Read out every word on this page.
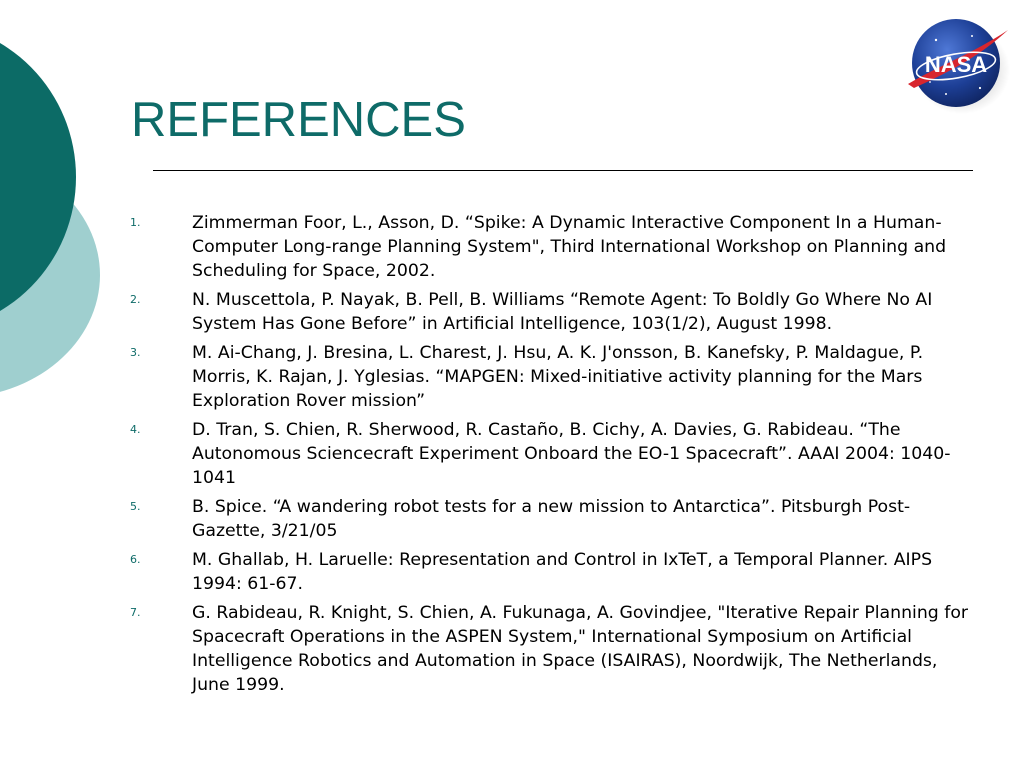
REFERENCES
NASA
1.	Zimmerman Foor, L., Asson, D. “Spike: A Dynamic Interactive Component In a Human-Computer Long-range Planning System", Third International Workshop on Planning and Scheduling for Space, 2002.
2.	N. Muscettola, P. Nayak, B. Pell, B. Williams “Remote Agent: To Boldly Go Where No AI System Has Gone Before” in Artificial Intelligence, 103(1/2), August 1998.
3.	M. Ai-Chang, J. Bresina, L. Charest, J. Hsu, A. K. J'onsson, B. Kanefsky, P. Maldague, P. Morris, K. Rajan, J. Yglesias. “MAPGEN: Mixed-initiative activity planning for the Mars Exploration Rover mission”
4.	D. Tran, S. Chien, R. Sherwood, R. Castaño, B. Cichy, A. Davies, G. Rabideau. “The Autonomous Sciencecraft Experiment Onboard the EO-1 Spacecraft”. AAAI 2004: 1040-1041
5.	B. Spice. “A wandering robot tests for a new mission to Antarctica”. Pitsburgh Post-Gazette, 3/21/05
6.	M. Ghallab, H. Laruelle: Representation and Control in IxTeT, a Temporal Planner. AIPS 1994: 61-67.
7.	G. Rabideau, R. Knight, S. Chien, A. Fukunaga, A. Govindjee, "Iterative Repair Planning for Spacecraft Operations in the ASPEN System," International Symposium on Artificial Intelligence Robotics and Automation in Space (ISAIRAS), Noordwijk, The Netherlands, June 1999.
